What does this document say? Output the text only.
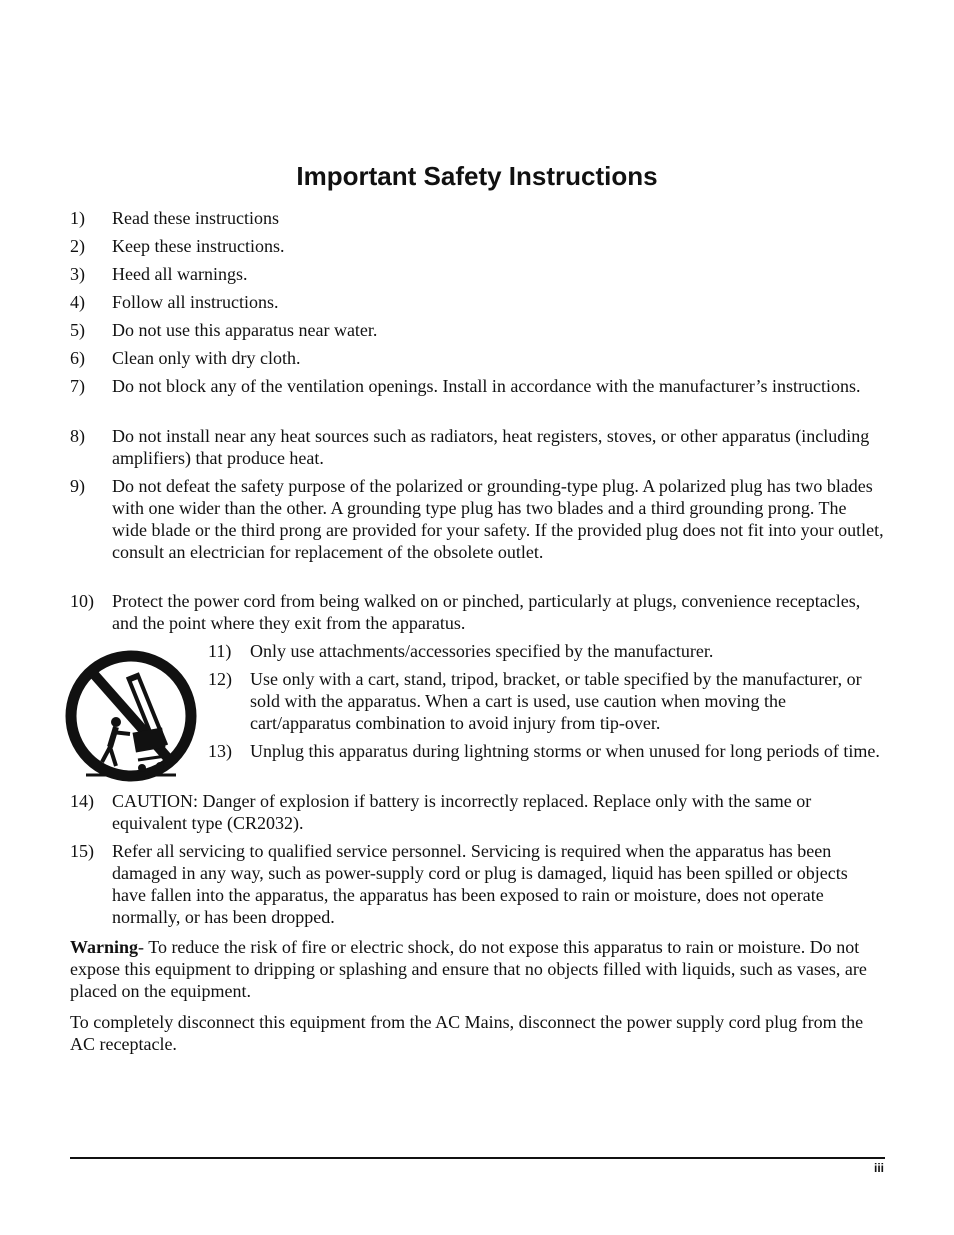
Important Safety Instructions
1)	Read these instructions
2)	Keep these instructions.
3)	Heed all warnings.
4)	Follow all instructions.
5)	Do not use this apparatus near water.
6)	Clean only with dry cloth.
7)	Do not block any of the ventilation openings. Install in accordance with the manufacturer’s instructions.
8)	Do not install near any heat sources such as radiators, heat registers, stoves, or other apparatus (including amplifiers) that produce heat.
9)	Do not defeat the safety purpose of the polarized or grounding-type plug. A polarized plug has two blades with one wider than the other. A grounding type plug has two blades and a third grounding prong. The wide blade or the third prong are provided for your safety. If the provided plug does not fit into your outlet, consult an electrician for replacement of the obsolete outlet.
10)	Protect the power cord from being walked on or pinched, particularly at plugs, convenience receptacles, and the point where they exit from the apparatus.
11)	Only use attachments/accessories specified by the manufacturer.
12)	Use only with a cart, stand, tripod, bracket, or table specified by the manufacturer, or sold with the apparatus. When a cart is used, use caution when moving the cart/apparatus combination to avoid injury from tip-over.
13)	Unplug this apparatus during lightning storms or when unused for long periods of time.
14)	CAUTION: Danger of explosion if battery is incorrectly replaced. Replace only with the same or equivalent type (CR2032).
15)	Refer all servicing to qualified service personnel. Servicing is required when the apparatus has been damaged in any way, such as power-supply cord or plug is damaged, liquid has been spilled or objects have fallen into the apparatus, the apparatus has been exposed to rain or moisture, does not operate normally, or has been dropped.
Warning- To reduce the risk of fire or electric shock, do not expose this apparatus to rain or moisture. Do not expose this equipment to dripping or splashing and ensure that no objects filled with liquids, such as vases, are placed on the equipment.
To completely disconnect this equipment from the AC Mains, disconnect the power supply cord plug from the AC receptacle.
iii
